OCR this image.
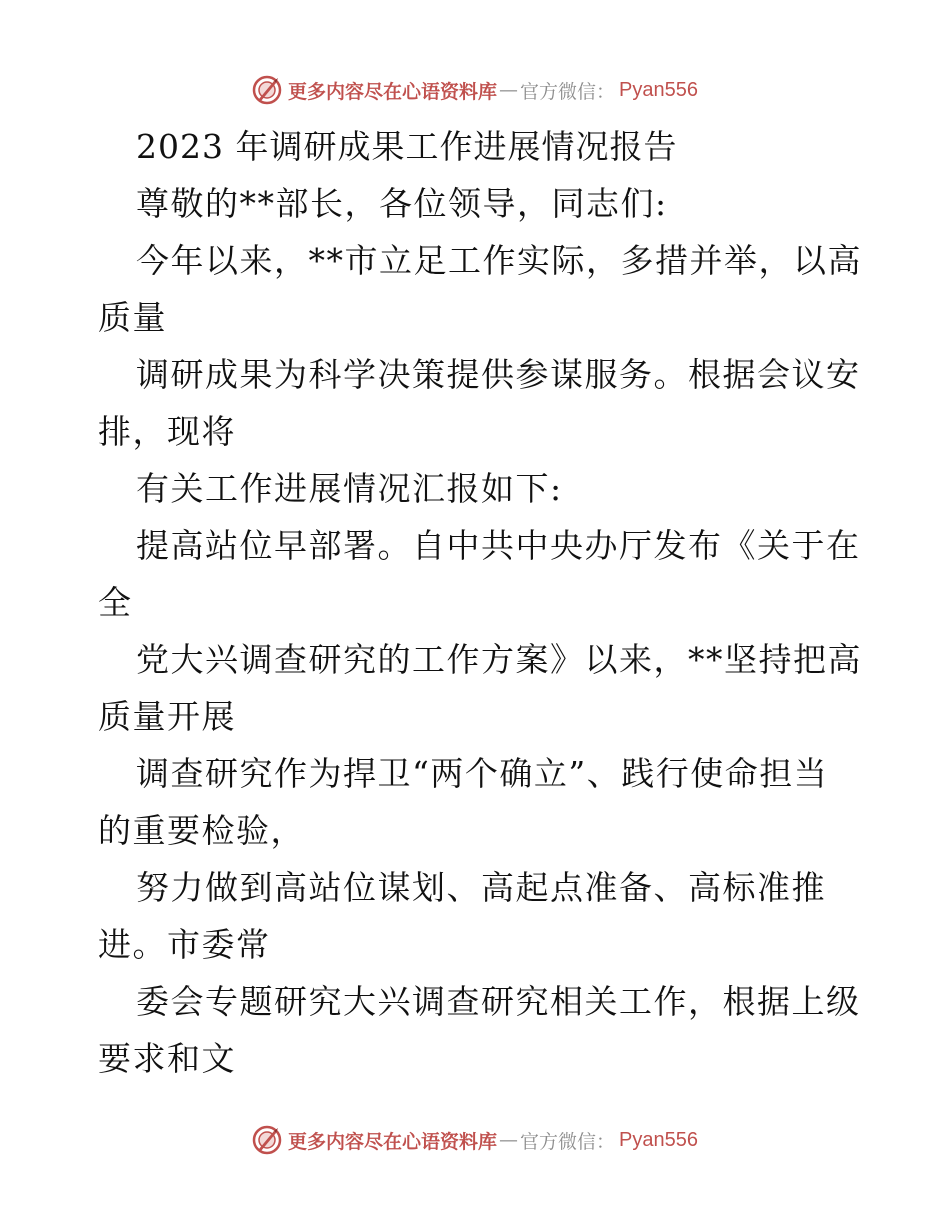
更多内容尽在心语资料库 — 官方微信： Pyan556
2023 年调研成果工作进展情况报告
尊敬的**部长，各位领导，同志们:
今年以来，**市立足工作实际，多措并举，以高
质量
调研成果为科学决策提供参谋服务。根据会议安
排，现将
有关工作进展情况汇报如下:
提高站位早部署。自中共中央办厅发布《关于在
全
党大兴调查研究的工作方案》以来，**坚持把高
质量开展
调查研究作为捍卫“两个确立”、践行使命担当
的重要检验，
努力做到高站位谋划、高起点准备、高标准推
进。市委常
委会专题研究大兴调查研究相关工作，根据上级
要求和文
更多内容尽在心语资料库 — 官方微信： Pyan556
